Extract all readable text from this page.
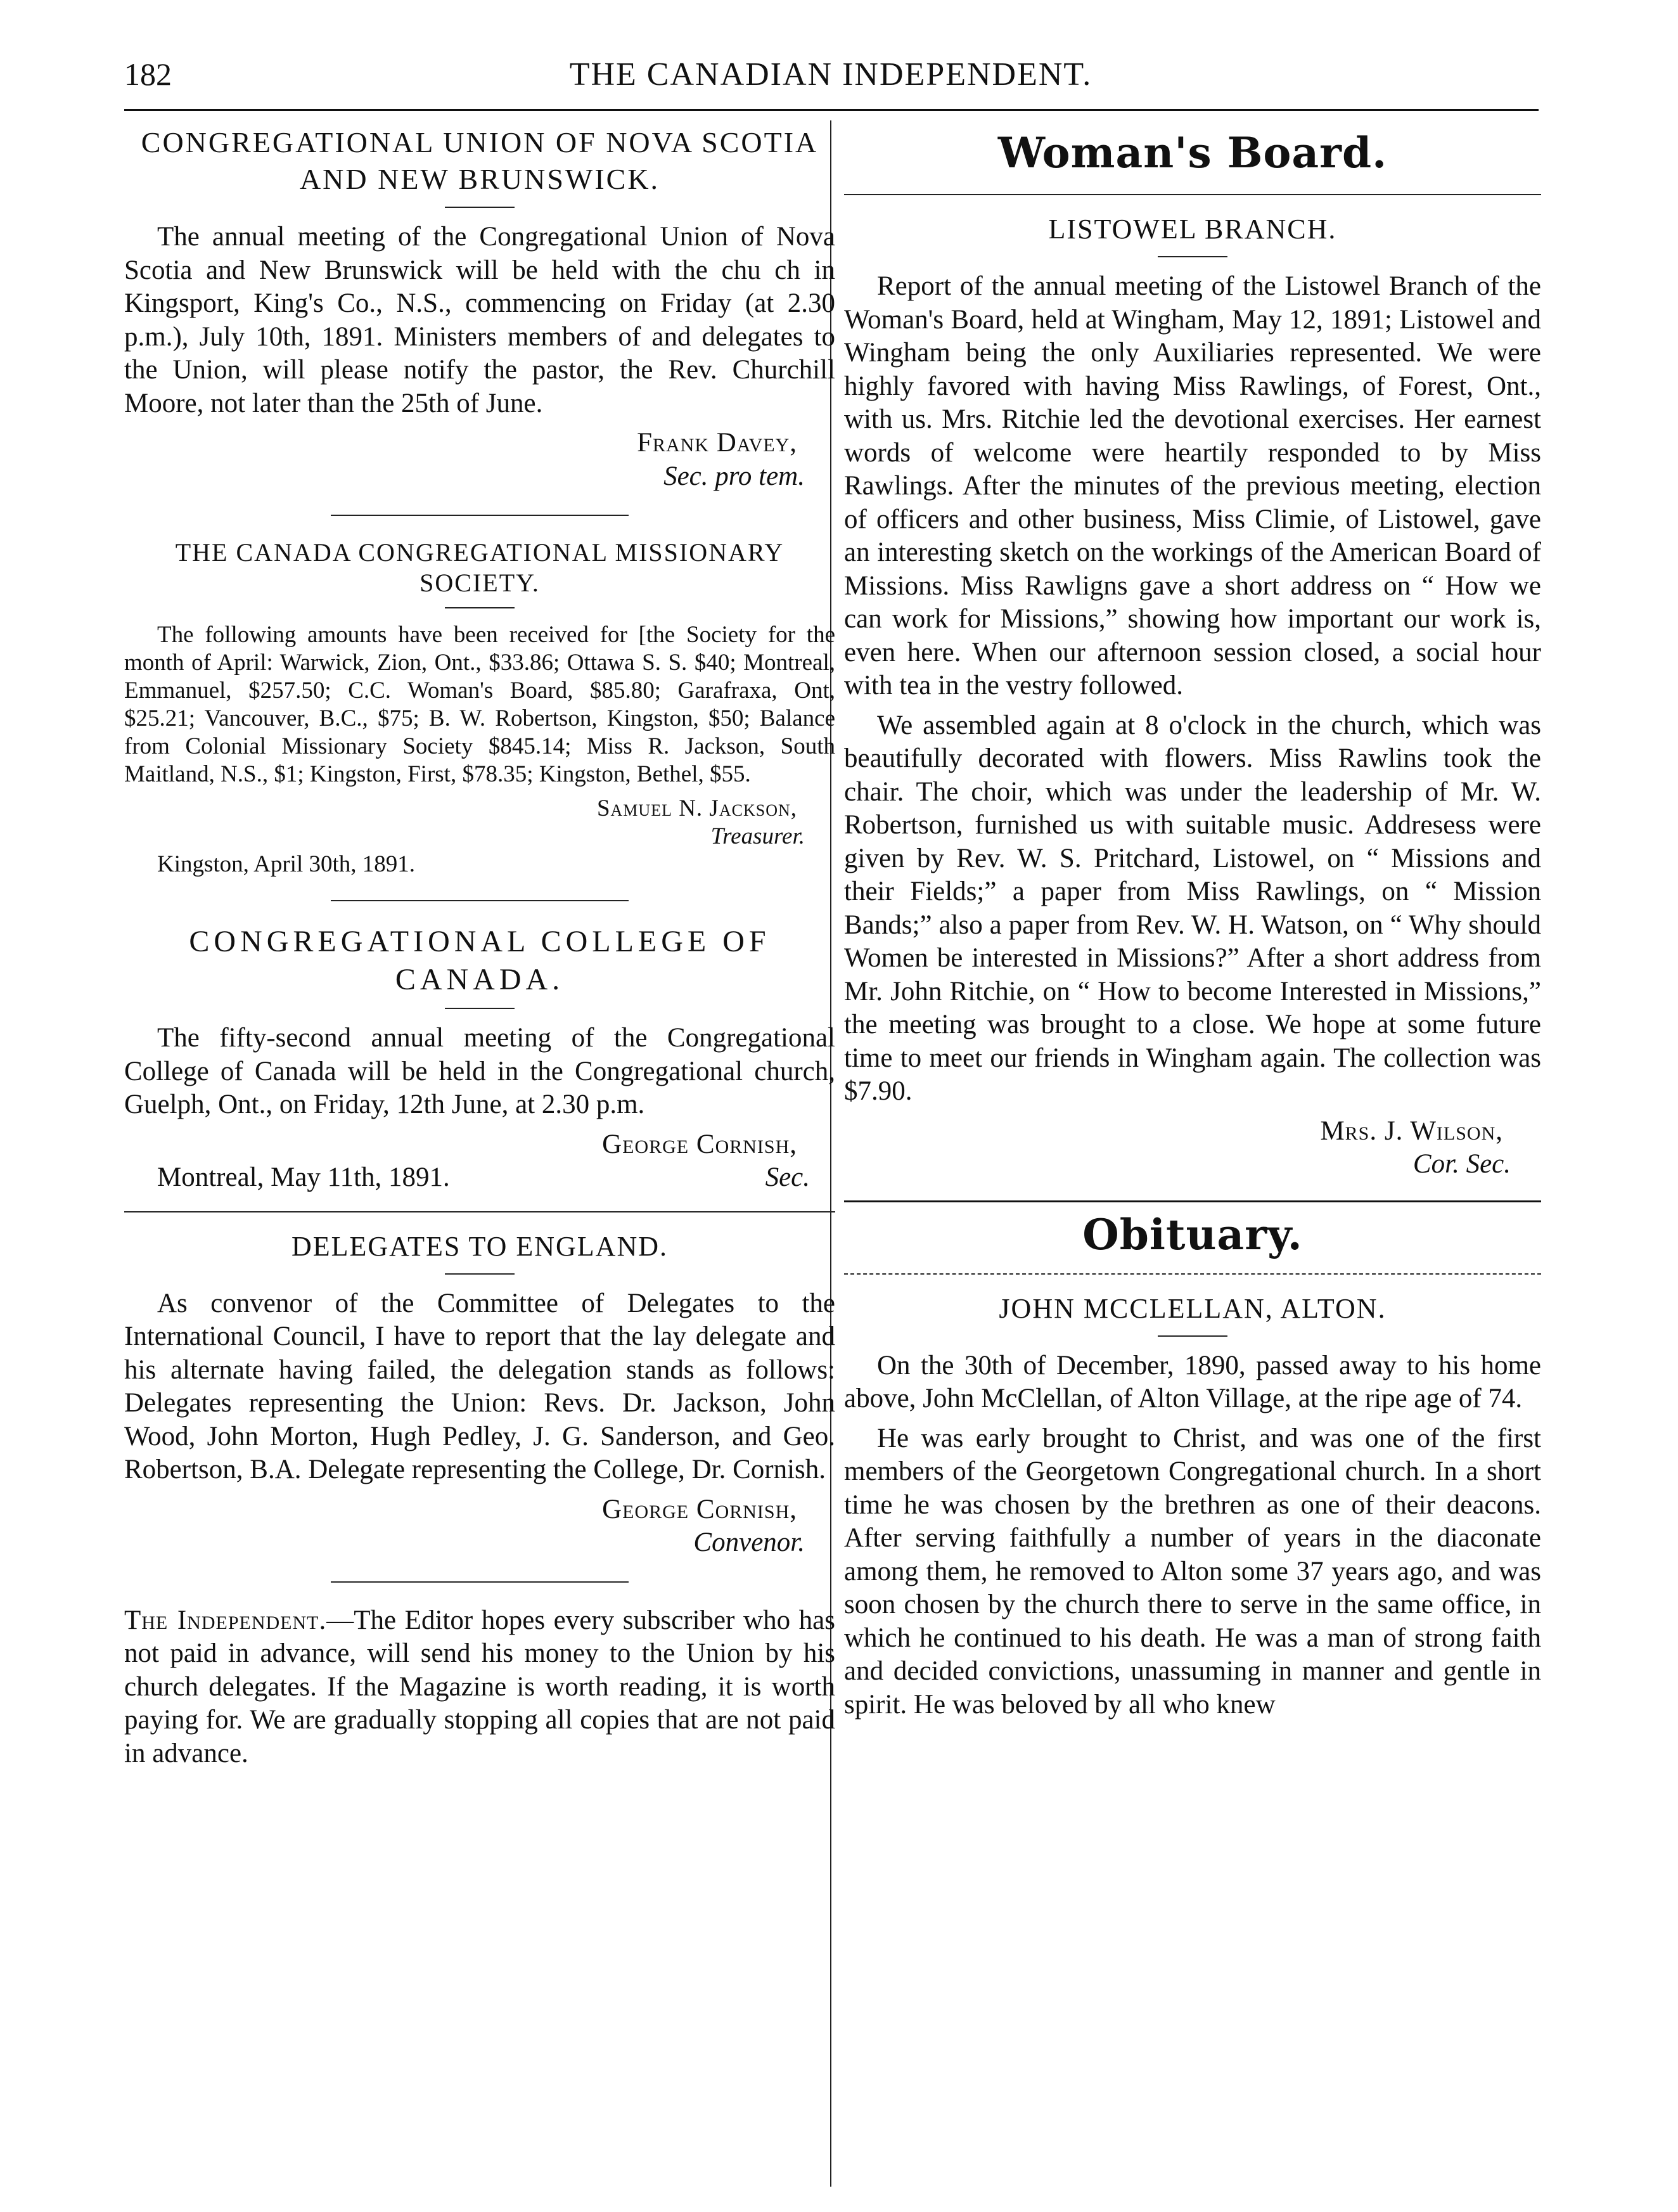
182	THE CANADIAN INDEPENDENT.
CONGREGATIONAL UNION OF NOVA SCOTIA AND NEW BRUNSWICK.

The annual meeting of the Congregational Union of Nova Scotia and New Brunswick will be held with the chu ch in Kingsport, King's Co., N.S., commencing on Friday (at 2.30 p.m.), July 10th, 1891. Ministers members of and delegates to the Union, will please notify the pastor, the Rev. Churchill Moore, not later than the 25th of June.

Frank Davey,
Sec. pro tem.
THE CANADA CONGREGATIONAL MISSIONARY SOCIETY.

The following amounts have been received for [the Society for the month of April: Warwick, Zion, Ont., $33.86; Ottawa S. S. $40; Montreal, Emmanuel, $257.50; C.C. Woman's Board, $85.80; Garafraxa, Ont, $25.21; Vancouver, B.C., $75; B. W. Robertson, Kingston, $50; Balance from Colonial Missionary Society $845.14; Miss R. Jackson, South Maitland, N.S., $1; Kingston, First, $78.35; Kingston, Bethel, $55.

Samuel N. Jackson,
Treasurer.

Kingston, April 30th, 1891.

CONGREGATIONAL COLLEGE OF CANADA.

The fifty-second annual meeting of the Congregational College of Canada will be held in the Congregational church, Guelph, Ont., on Friday, 12th June, at 2.30 p.m.

George Cornish,
Montreal, May 11th, 1891.	Sec.
DELEGATES TO ENGLAND.

As convenor of the Committee of Delegates to the International Council, I have to report that the lay delegate and his alternate having failed, the delegation stands as follows: Delegates representing the Union: Revs. Dr. Jackson, John Wood, John Morton, Hugh Pedley, J. G. Sanderson, and Geo. Robertson, B.A. Delegate representing the College, Dr. Cornish.

George Cornish,
Convenor.

The Independent.—The Editor hopes every subscriber who has not paid in advance, will send his money to the Union by his church delegates. If the Magazine is worth reading, it is worth paying for. We are gradually stopping all copies that are not paid in advance.

Woman's Board.
LISTOWEL BRANCH.

Report of the annual meeting of the Listowel Branch of the Woman's Board, held at Wingham, May 12, 1891; Listowel and Wingham being the only Auxiliaries represented. We were highly favored with having Miss Rawlings, of Forest, Ont., with us. Mrs. Ritchie led the devotional exercises. Her earnest words of welcome were heartily responded to by Miss Rawlings. After the minutes of the previous meeting, election of officers and other business, Miss Climie, of Listowel, gave an interesting sketch on the workings of the American Board of Missions. Miss Rawligns gave a short address on “ How we can work for Missions,” showing how important our work is, even here. When our afternoon session closed, a social hour with tea in the vestry followed.

We assembled again at 8 o'clock in the church, which was beautifully decorated with flowers. Miss Rawlins took the chair. The choir, which was under the leadership of Mr. W. Robertson, furnished us with suitable music. Addresess were given by Rev. W. S. Pritchard, Listowel, on “ Missions and their Fields;” a paper from Miss Rawlings, on “ Mission Bands;” also a paper from Rev. W. H. Watson, on “ Why should Women be interested in Missions?” After a short address from Mr. John Ritchie, on “ How to become Interested in Missions,” the meeting was brought to a close. We hope at some future time to meet our friends in Wingham again. The collection was $7.90.

Mrs. J. Wilson,
Cor. Sec.
Obituary.
JOHN MCCLELLAN, ALTON.

On the 30th of December, 1890, passed away to his home above, John McClellan, of Alton Village, at the ripe age of 74.

He was early brought to Christ, and was one of the first members of the Georgetown Congregational church. In a short time he was chosen by the brethren as one of their deacons. After serving faithfully a number of years in the diaconate among them, he removed to Alton some 37 years ago, and was soon chosen by the church there to serve in the same office, in which he continued to his death. He was a man of strong faith and decided convictions, unassuming in manner and gentle in spirit. He was beloved by all who knew
